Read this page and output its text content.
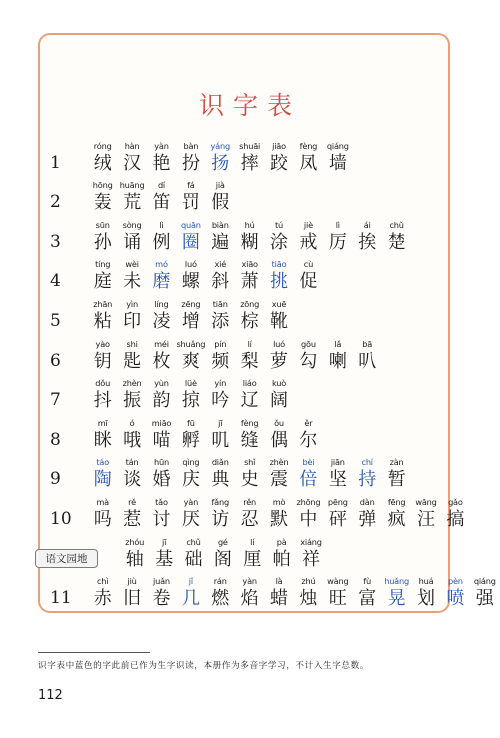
识字表
1
róng
绒
hàn
汉
yàn
艳
bàn
扮
yáng
扬
shuāi
摔
jiāo
跤
fèng
凤
qiáng
墙
2
hōng
轰
huāng
荒
dí
笛
fá
罚
jià
假
3
sūn
孙
sòng
诵
lì
例
quān
圈
biàn
遍
hú
糊
tú
涂
jiè
戒
lì
厉
ái
挨
chǔ
楚
4
tíng
庭
wèi
未
mó
磨
luó
螺
xié
斜
xiāo
萧
tiāo
挑
cù
促
5
zhān
粘
yìn
印
líng
凌
zēng
增
tiān
添
zōng
棕
xuē
靴
6
yào
钥
shi
匙
méi
枚
shuǎng
爽
pín
频
lí
梨
luó
萝
gōu
勾
lǎ
喇
bā
叭
7
dǒu
抖
zhèn
振
yùn
韵
lüè
掠
yín
吟
liáo
辽
kuò
阔
8
mī
眯
ó
哦
miāo
喵
fū
孵
jī
叽
fèng
缝
ǒu
偶
ěr
尔
9
táo
陶
tán
谈
hūn
婚
qìng
庆
diǎn
典
shǐ
史
zhèn
震
bèi
倍
jiān
坚
chí
持
zàn
暂
10
mà
吗
rě
惹
tǎo
讨
yàn
厌
fǎng
访
rěn
忍
mò
默
zhōng
中
pēng
砰
dàn
弹
fēng
疯
wāng
汪
gǎo
搞
语文园地
zhóu
轴
jī
基
chǔ
础
gé
阁
lí
厘
pà
帕
xiáng
祥
11
chì
赤
jiù
旧
juǎn
卷
jǐ
几
rán
燃
yàn
焰
là
蜡
zhú
烛
wàng
旺
fù
富
huǎng
晃
huá
划
pèn
喷
qiáng
强
识字表中蓝色的字此前已作为生字识读，本册作为多音字学习，不计入生字总数。
112
